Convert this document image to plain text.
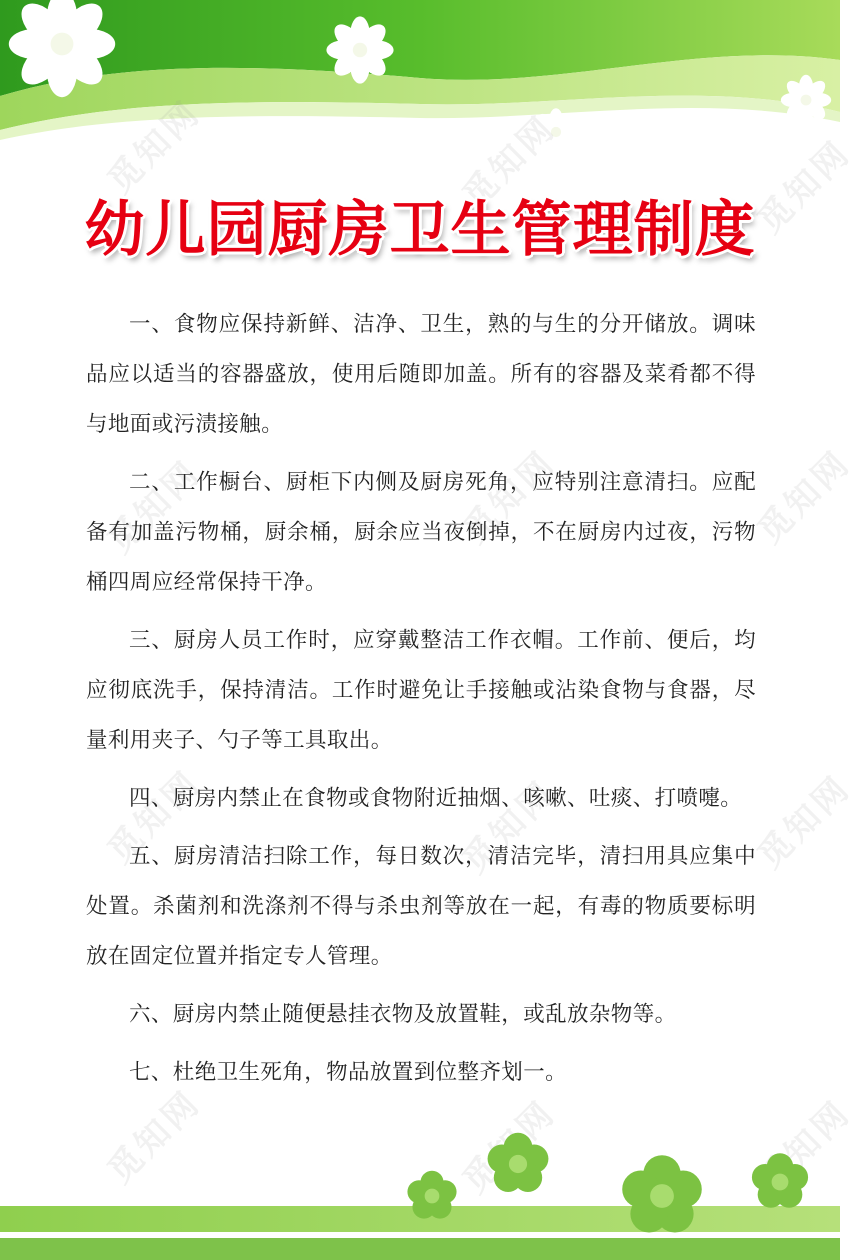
觅知网	觅知网	觅知网
觅知网	觅知网	觅知网
觅知网	觅知网	觅知网
觅知网	觅知网
幼儿园厨房卫生管理制度

一、食物应保持新鲜、洁净、卫生，熟的与生的分开储放。调味品应以适当的容器盛放，使用后随即加盖。所有的容器及菜肴都不得与地面或污渍接触。

二、工作橱台、厨柜下内侧及厨房死角，应特别注意清扫。应配备有加盖污物桶，厨余桶，厨余应当夜倒掉，不在厨房内过夜，污物桶四周应经常保持干净。

三、厨房人员工作时，应穿戴整洁工作衣帽。工作前、便后，均应彻底洗手，保持清洁。工作时避免让手接触或沾染食物与食器，尽量利用夹子、勺子等工具取出。

四、厨房内禁止在食物或食物附近抽烟、咳嗽、吐痰、打喷嚏。

五、厨房清洁扫除工作，每日数次，清洁完毕，清扫用具应集中处置。杀菌剂和洗涤剂不得与杀虫剂等放在一起，有毒的物质要标明放在固定位置并指定专人管理。

六、厨房内禁止随便悬挂衣物及放置鞋，或乱放杂物等。

七、杜绝卫生死角，物品放置到位整齐划一。
